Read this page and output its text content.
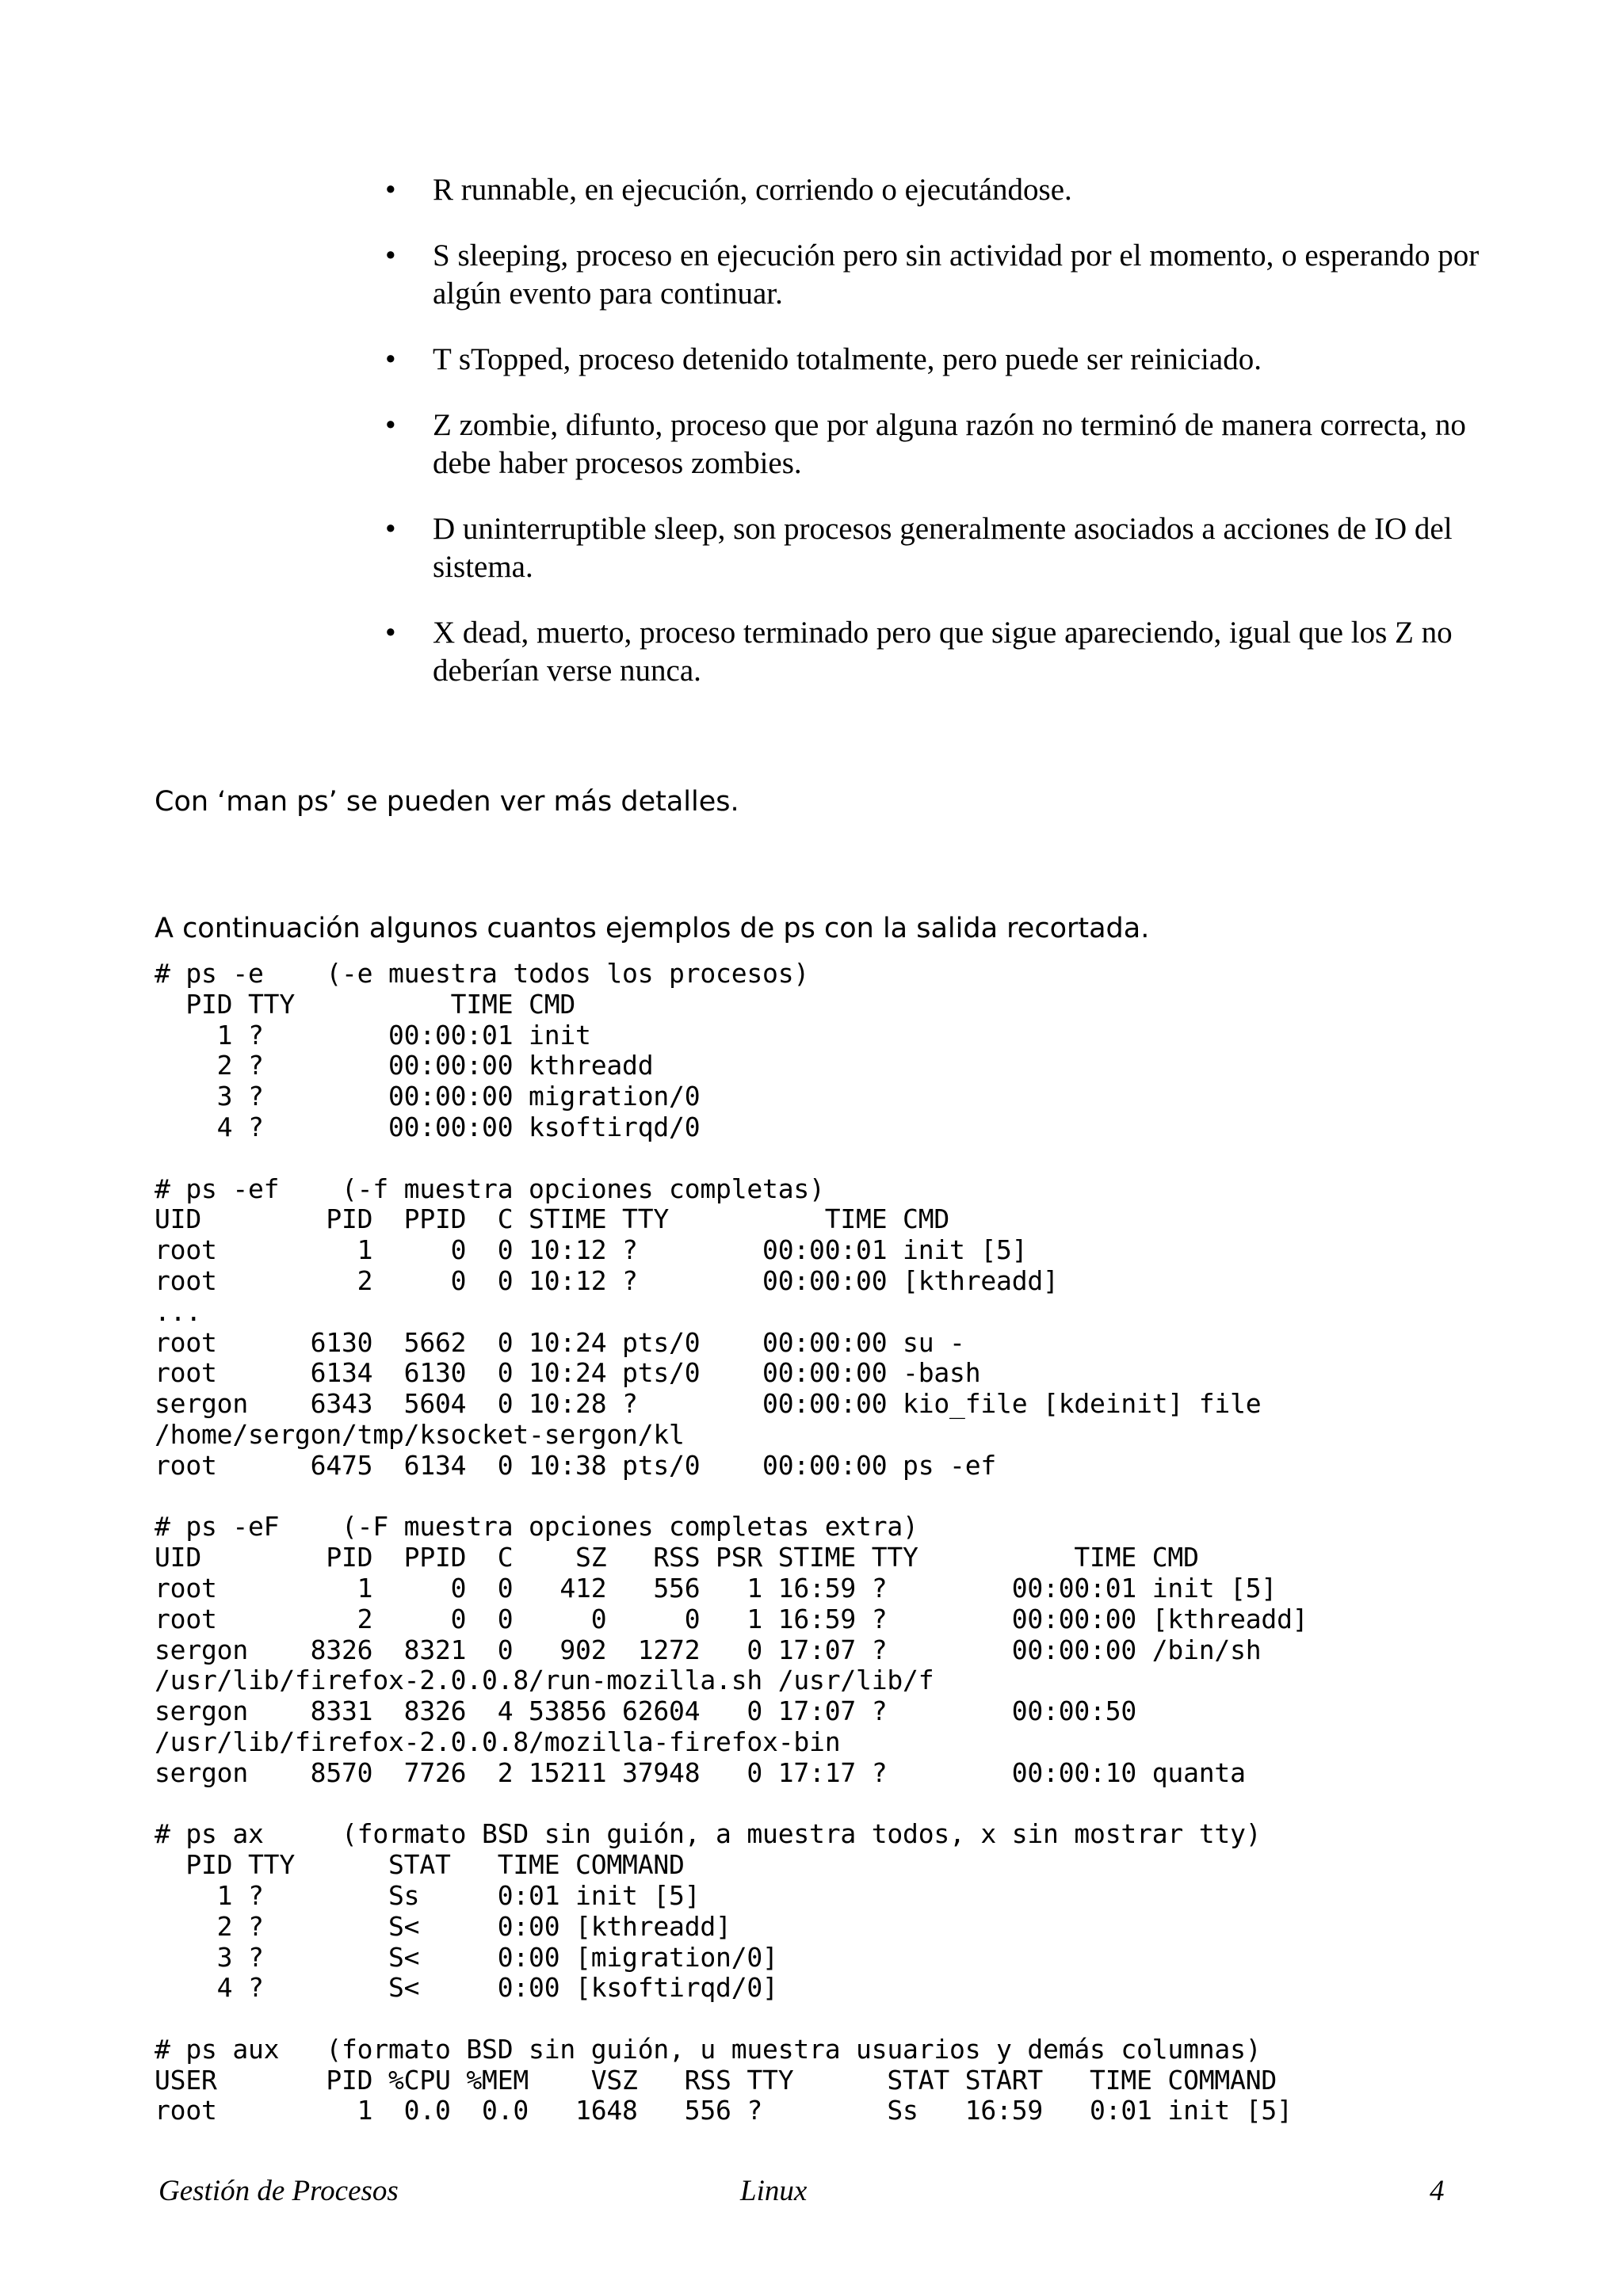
• R runnable, en ejecución, corriendo o ejecutándose.
• S sleeping, proceso en ejecución pero sin actividad por el momento, o esperando por algún evento para continuar.
• T sTopped, proceso detenido totalmente, pero puede ser reiniciado.
• Z zombie, difunto, proceso que por alguna razón no terminó de manera correcta, no debe haber procesos zombies.
• D uninterruptible sleep, son procesos generalmente asociados a acciones de IO del sistema.
• X dead, muerto, proceso terminado pero que sigue apareciendo, igual que los Z no deberían verse nunca.

Con ‘man ps’ se pueden ver más detalles.

A continuación algunos cuantos ejemplos de ps con la salida recortada.

# ps -e    (-e muestra todos los procesos)
PID TTY          TIME CMD
1 ?        00:00:01 init
2 ?        00:00:00 kthreadd
3 ?        00:00:00 migration/0
4 ?        00:00:00 ksoftirqd/0

# ps -ef    (-f muestra opciones completas)
UID        PID  PPID  C STIME TTY          TIME CMD
root         1     0  0 10:12 ?        00:00:01 init [5]
root         2     0  0 10:12 ?        00:00:00 [kthreadd]
...
root      6130  5662  0 10:24 pts/0    00:00:00 su -
root      6134  6130  0 10:24 pts/0    00:00:00 -bash
sergon    6343  5604  0 10:28 ?        00:00:00 kio_file [kdeinit] file
/home/sergon/tmp/ksocket-sergon/kl
root      6475  6134  0 10:38 pts/0    00:00:00 ps -ef

# ps -eF    (-F muestra opciones completas extra)
UID        PID  PPID  C    SZ   RSS PSR STIME TTY          TIME CMD
root         1     0  0   412   556   1 16:59 ?        00:00:01 init [5]
root         2     0  0     0     0   1 16:59 ?        00:00:00 [kthreadd]
sergon    8326  8321  0   902  1272   0 17:07 ?        00:00:00 /bin/sh
/usr/lib/firefox-2.0.0.8/run-mozilla.sh /usr/lib/f
sergon    8331  8326  4 53856 62604   0 17:07 ?        00:00:50
/usr/lib/firefox-2.0.0.8/mozilla-firefox-bin
sergon    8570  7726  2 15211 37948   0 17:17 ?        00:00:10 quanta

# ps ax     (formato BSD sin guión, a muestra todos, x sin mostrar tty)
PID TTY      STAT   TIME COMMAND
1 ?        Ss     0:01 init [5]
2 ?        S<     0:00 [kthreadd]
3 ?        S<     0:00 [migration/0]
4 ?        S<     0:00 [ksoftirqd/0]

# ps aux   (formato BSD sin guión, u muestra usuarios y demás columnas)
USER       PID %CPU %MEM    VSZ   RSS TTY      STAT START   TIME COMMAND
root         1  0.0  0.0   1648   556 ?        Ss   16:59   0:01 init [5]
Gestión de Procesos	Linux	4
